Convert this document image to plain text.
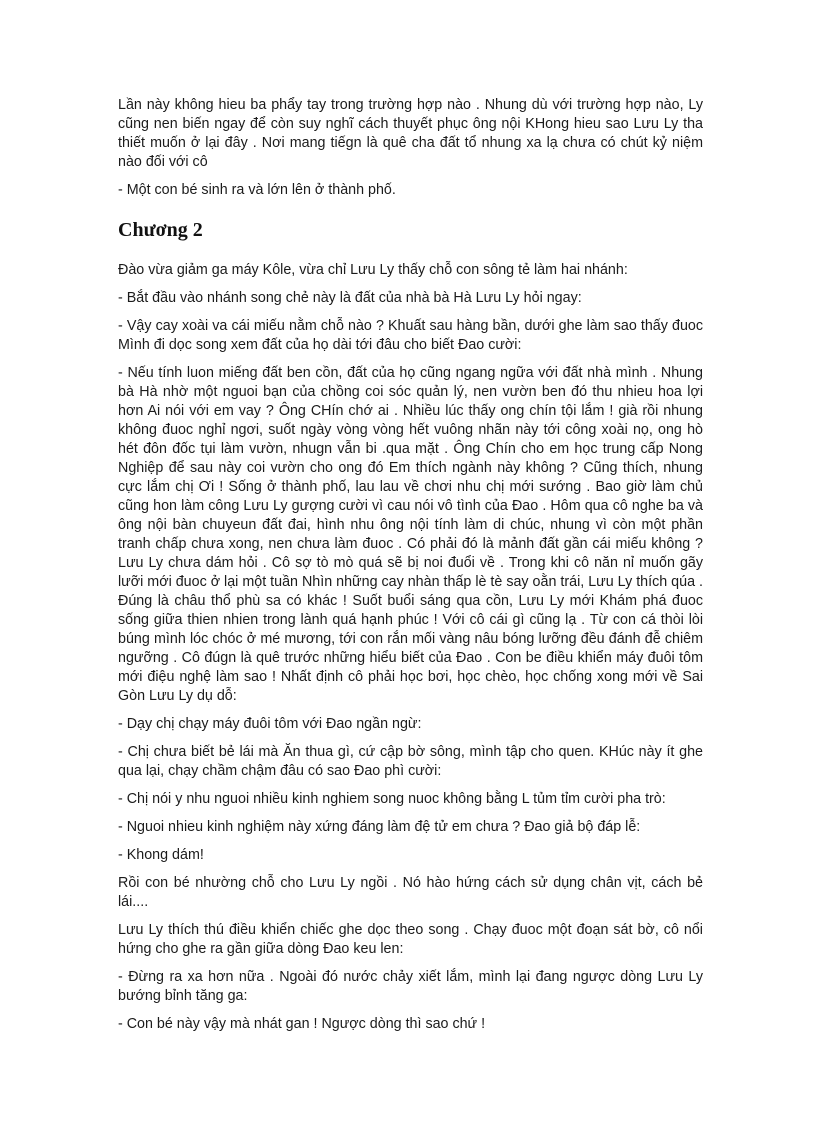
Lần này không hieu ba phẩy tay trong trường hợp nào . Nhung dù với trường hợp nào, Ly cũng nen biến ngay để còn suy nghĩ cách thuyết phục ông nội KHong hieu sao Lưu Ly tha thiết muốn ở lại đây . Nơi mang tiếgn là quê cha đất tổ nhung xa lạ chưa có chút kỷ niệm nào đối với cô

- Một con bé sinh ra và lớn lên ở thành phố.

Chương 2

Đào vừa giảm ga máy Kôle, vừa chỉ Lưu Ly thấy chỗ con sông tẻ làm hai nhánh:

- Bắt đầu vào nhánh song chẻ này là đất của nhà bà Hà Lưu Ly hỏi ngay:

- Vậy cay xoài va cái miếu nằm chỗ nào ? Khuất sau hàng bần, dưới ghe làm sao thấy đuoc Mình đi dọc song xem đất của họ dài tới đâu cho biết Đao cười:

- Nếu tính luon miếng đất ben cồn, đất của họ cũng ngang ngữa với đất nhà mình . Nhung bà Hà nhờ một nguoi bạn của chồng coi sóc quản lý, nen vườn ben đó thu nhieu hoa lợi hơn Ai nói với em vay ? Ông CHín chớ ai . Nhiều lúc thấy ong chín tội lắm ! già rồi nhung không đuoc nghỉ ngơi, suốt ngày vòng vòng hết vuông nhãn này tới công xoài nọ, ong hò hét đôn đốc tụi làm vườn, nhugn vẫn bi .qua mặt . Ông Chín cho em học trung cấp Nong Nghiệp để sau này coi vườn cho ong đó Em thích ngành này không ? Cũng thích, nhung cực lắm chị Ơi ! Sống ở thành phố, lau lau về chơi nhu chị mới sướng . Bao giờ làm chủ cũng hon làm công Lưu Ly gượng cười vì cau nói vô tình của Đao . Hôm qua cô nghe ba và ông nội bàn chuyeun đất đai, hình nhu ông nội tính làm di chúc, nhung vì còn một phần tranh chấp chưa xong, nen chưa làm đuoc . Có phải đó là mảnh đất gần cái miếu không ? Lưu Ly chưa dám hỏi . Cô sợ tò mò quá sẽ bị noi đuổi về . Trong khi cô năn nỉ muốn gãy lưỡi mới đuoc ở lại một tuần Nhìn những cay nhàn thấp lè tè say oằn trái, Lưu Ly thích qúa . Đúng là châu thổ phù sa có khác ! Suốt buổi sáng qua cồn, Lưu Ly mới Khám phá đuoc sống giữa thien nhien trong lành quá hạnh phúc ! Với cô cái gì cũng lạ . Từ con cá thòi lòi búng mình lóc chóc ở mé mương, tới con rắn mối vàng nâu bóng lưỡng đều đánh đễ chiêm ngưỡng . Cô đúgn là quê trước những hiểu biết của Đao . Con be điều khiển máy đuôi tôm mới điệu nghệ làm sao ! Nhất định cô phải học bơi, học chèo, học chống xong mới về Sai Gòn Lưu Ly dụ dỗ:

- Dạy chị chạy máy đuôi tôm với Đao ngần ngừ:

- Chị chưa biết bẻ lái mà Ăn thua gì, cứ cập bờ sông, mình tập cho quen. KHúc này ít ghe qua lại, chạy chầm chậm đâu có sao Đao phì cười:

- Chị nói y nhu nguoi nhiều kinh nghiem song nuoc không bằng L tủm tỉm cười pha trò:

- Nguoi nhieu kinh nghiệm này xứng đáng làm đệ tử em chưa ? Đao giả bộ đáp lễ:

- Khong dám!

Rồi con bé nhường chỗ cho Lưu Ly ngồi . Nó hào hứng cách sử dụng chân vịt, cách bẻ lái....

Lưu Ly thích thú điều khiển chiếc ghe dọc theo song . Chạy đuoc một đoạn sát bờ, cô nổi hứng cho ghe ra gần giữa dòng Đao keu len:

- Đừng ra xa hơn nữa . Ngoài đó nước chảy xiết lắm, mình lại đang ngược dòng Lưu Ly bướng bỉnh tăng ga:

- Con bé này vậy mà nhát gan ! Ngược dòng thì sao chứ !
